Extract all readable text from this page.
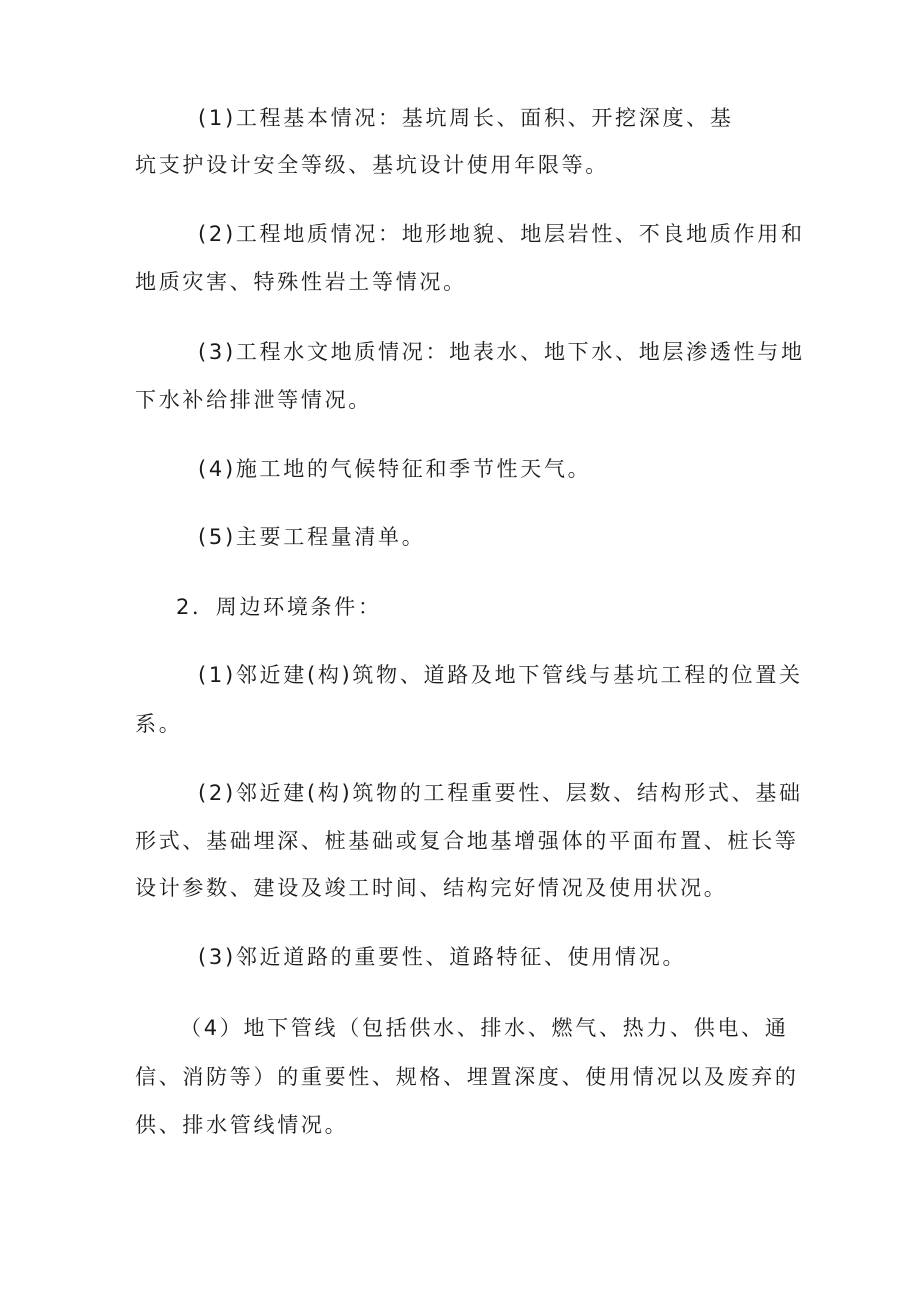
(1)工程基本情况：基坑周长、面积、开挖深度、基
坑支护设计安全等级、基坑设计使用年限等。
(2)工程地质情况：地形地貌、地层岩性、不良地质作用和
地质灾害、特殊性岩土等情况。
(3)工程水文地质情况：地表水、地下水、地层渗透性与地
下水补给排泄等情况。
(4)施工地的气候特征和季节性天气。
(5)主要工程量清单。
2．周边环境条件：
(1)邻近建(构)筑物、道路及地下管线与基坑工程的位置关
系。
(2)邻近建(构)筑物的工程重要性、层数、结构形式、基础
形式、基础埋深、桩基础或复合地基增强体的平面布置、桩长等
设计参数、建设及竣工时间、结构完好情况及使用状况。
(3)邻近道路的重要性、道路特征、使用情况。
（4）地下管线（包括供水、排水、燃气、热力、供电、通
信、消防等）的重要性、规格、埋置深度、使用情况以及废弃的
供、排水管线情况。
